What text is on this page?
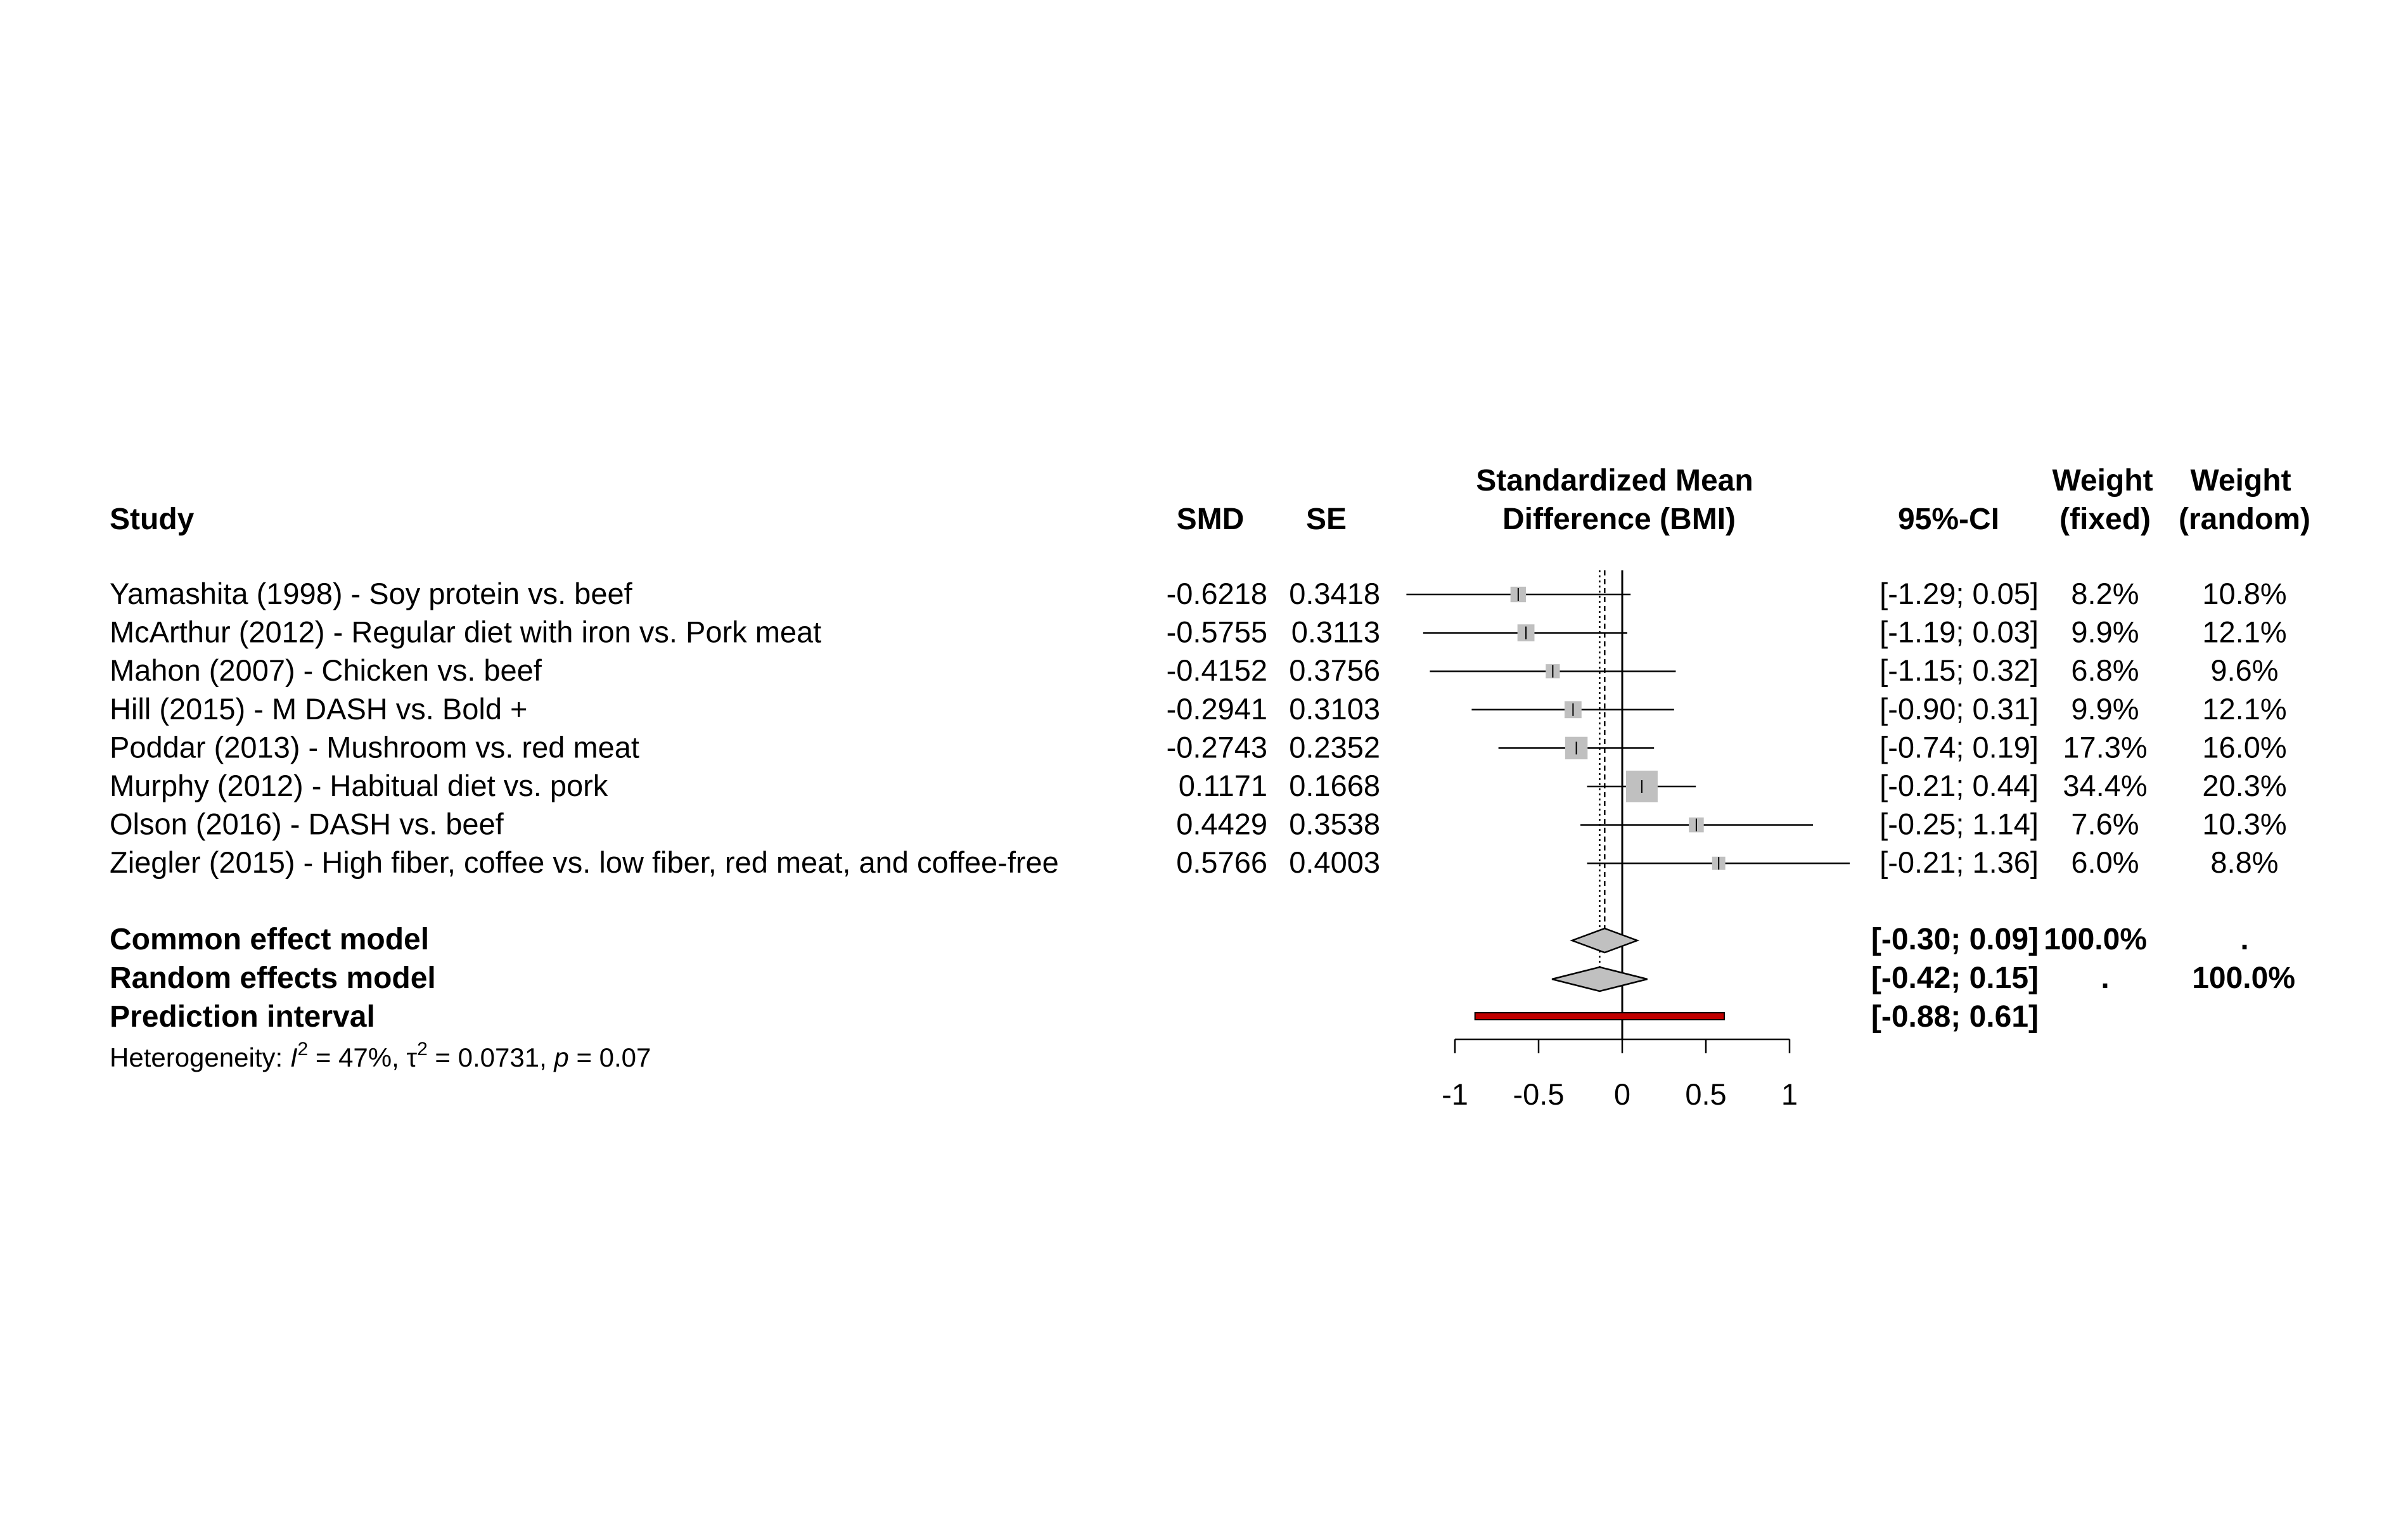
Study	SMD SE
Standardized Mean
Difference (BMI)	95%-CI
Weight
(fixed)
Weight
(random)
Yamashita (1998) - Soy protein vs. beef	-0.6218 0.3418	[-1.29; 0.05] 8.2% 10.8%
McArthur (2012) - Regular diet with iron vs. Pork meat	-0.5755 0.3113	[-1.19; 0.03] 9.9% 12.1%
Mahon (2007) - Chicken vs. beef	-0.4152 0.3756	[-1.15; 0.32] 6.8% 9.6%
Hill (2015) - M DASH vs. Bold +	-0.2941 0.3103	[-0.90; 0.31] 9.9% 12.1%
Poddar (2013) - Mushroom vs. red meat	-0.2743 0.2352	[-0.74; 0.19] 17.3% 16.0%
Murphy (2012) - Habitual diet vs. pork	0.1171 0.1668	[-0.21; 0.44] 34.4% 20.3%
Olson (2016) - DASH vs. beef	0.4429 0.3538	[-0.25; 1.14] 7.6% 10.3%
Ziegler (2015) - High fiber, coffee vs. low fiber, red meat, and coffee-free	0.5766 0.4003	[-0.21; 1.36] 6.0% 8.8%
-1 -0.5 0 0.5 1
Common effect model	[-0.30; 0.09] 100.0%	.
Random effects model	[-0.42; 0.15] .	100.0%
Prediction interval	[-0.88; 0.61]
Heterogeneity: $I^2 = 47\%$, $\tau^2 = 0.0731$, p = 0.07
